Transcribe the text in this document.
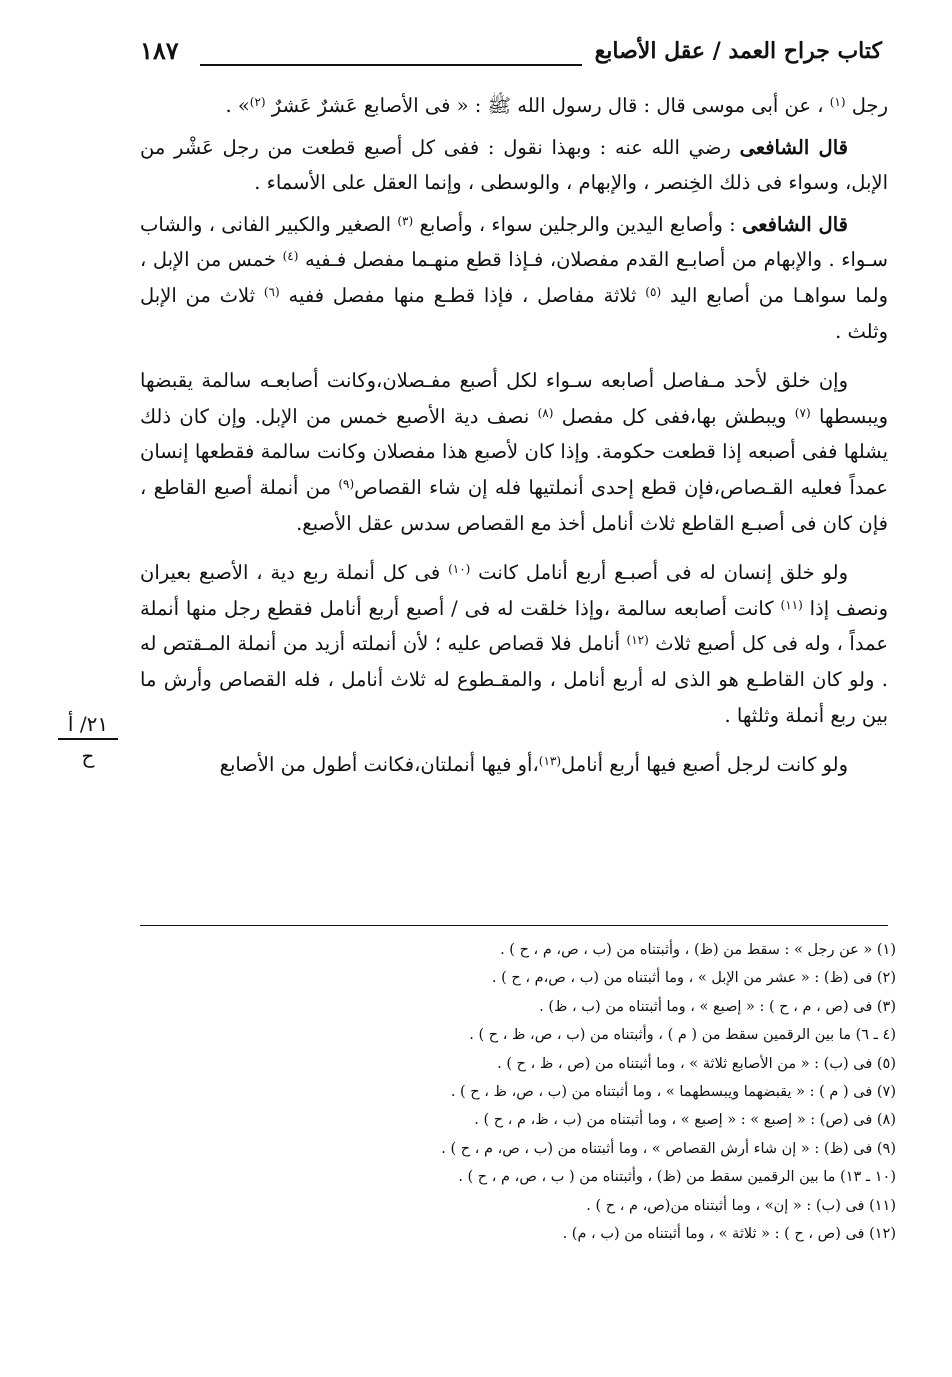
كتاب جراح العمد / عقل الأصابع
١٨٧

رجل $^{(١)}$ ، عن أبى موسى قال : قال رسول الله ﷺ : « فى الأصابع عَشرٌ عَشرٌ $^{(٢)}$» .

قال الشافعى رضي الله عنه : وبهذا نقول : ففى كل أصبع قطعت من رجل عَشْر من الإبل، وسواء فى ذلك الخِنصر ، والإبهام ، والوسطى ، وإنما العقل على الأسماء .

قال الشافعى : وأصابع اليدين والرجلين سواء ، وأصابع $^{(٣)}$ الصغير والكبير الفانى ، والشاب سـواء . والإبهام من أصابـع القدم مفصلان، فـإذا قطع منهـما مفصل فـفيه $^{(٤)}$ خمس من الإبل ، ولما سواهـا من أصابع اليد $^{(٥)}$ ثلاثة مفاصل ، فإذا قطـع منها مفصل ففيه $^{(٦)}$ ثلاث من الإبل وثلث .

وإن خلق لأحد مـفاصل أصابعه سـواء لكل أصبع مفـصلان،وكانت أصابعـه سالمة يقبضها ويبسطها $^{(٧)}$ ويبطش بها،ففى كل مفصل $^{(٨)}$ نصف دية الأصبع خمس من الإبل. وإن كان ذلك يشلها ففى أصبعه إذا قطعت حكومة. وإذا كان لأصبع هذا مفصلان وكانت سالمة فقطعها إنسان عمداً فعليه القـصاص،فإن قطع إحدى أنملتيها فله إن شاء القصاص$^{(٩)}$ من أنملة أصبع القاطع ، فإن كان فى أصبـع القاطع ثلاث أنامل أخذ مع القصاص سدس عقل الأصبع.

ولو خلق إنسان له فى أصبـع أربع أنامل كانت $^{(١٠)}$ فى كل أنملة ربع دية ، الأصبع بعيران ونصف إذا $^{(١١)}$ كانت أصابعه سالمة ،وإذا خلقت له فى / أصبع أربع أنامل فقطع رجل منها أنملة عمداً ، وله فى كل أصبع ثلاث $^{(١٢)}$ أنامل فلا قصاص عليه ؛ لأن أنملته أزيد من أنملة المـقتص له . ولو كان القاطـع هو الذى له أربع أنامل ، والمقـطوع له ثلاث أنامل ، فله القصاص وأرش ما بين ربع أنملة وثلثها .

ولو كانت لرجل أصبع فيها أربع أنامل$^{(١٣)}$،أو فيها أنملتان،فكانت أطول من الأصابع

٢١/ أ
ح

(١) « عن رجل » : سقط من (ظ) ، وأثبتناه من (ب ، ص، م ، ح ) .

(٢) فى (ظ) : « عشر من الإبل » ، وما أثبتناه من (ب ، ص،م ، ح ) .

(٣) فى (ص ، م ، ح ) : « إصبع » ، وما أثبتناه من (ب ، ظ) .

(٤ ـ ٦) ما بين الرقمين سقط من ( م ) ، وأثبتناه من (ب ، ص، ظ ، ح ) .

(٥) فى (ب) : « من الأصابع ثلاثة » ، وما أثبتناه من (ص ، ظ ، ح ) .

(٧) فى ( م ) : « يقبضهما ويبسطهما » ، وما أثبتناه من (ب ، ص، ظ ، ح ) .

(٨) فى (ص) : « إصبع » : « إصبع » ، وما أثبتناه من (ب ، ظ، م ، ح ) .

(٩) فى (ظ) : « إن شاء أرش القصاص » ، وما أثبتناه من (ب ، ص، م ، ح ) .

(١٠ ـ ١٣) ما بين الرقمين سقط من (ظ) ، وأثبتناه من ( ب ، ص، م ، ح ) .

(١١) فى (ب) : « إن» ، وما أثبتناه من(ص، م ، ح ) .

(١٢) فى (ص ، ح ) : « ثلاثة » ، وما أثبتناه من (ب ، م) .
